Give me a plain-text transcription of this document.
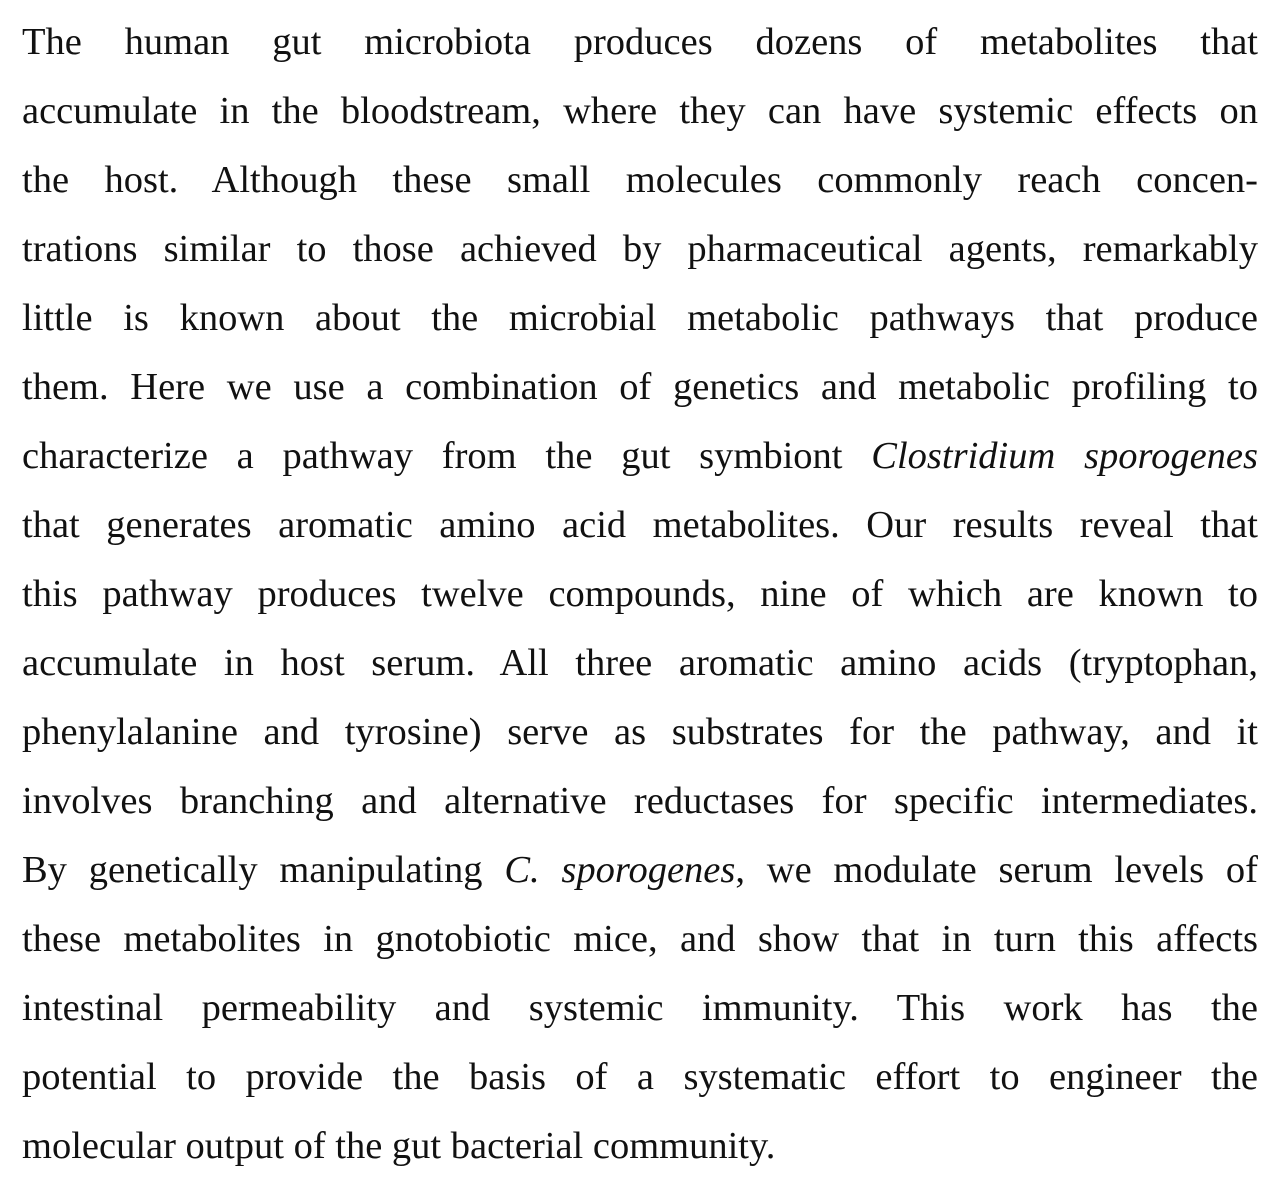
The human gut microbiota produces dozens of metabolites that
accumulate in the bloodstream, where they can have systemic effects on
the host. Although these small molecules commonly reach concen-
trations similar to those achieved by pharmaceutical agents, remarkably
little is known about the microbial metabolic pathways that produce
them. Here we use a combination of genetics and metabolic profiling to
characterize a pathway from the gut symbiont Clostridium sporogenes
that generates aromatic amino acid metabolites. Our results reveal that
this pathway produces twelve compounds, nine of which are known to
accumulate in host serum. All three aromatic amino acids (tryptophan,
phenylalanine and tyrosine) serve as substrates for the pathway, and it
involves branching and alternative reductases for specific intermediates.
By genetically manipulating C. sporogenes, we modulate serum levels of
these metabolites in gnotobiotic mice, and show that in turn this affects
intestinal permeability and systemic immunity. This work has the
potential to provide the basis of a systematic effort to engineer the
molecular output of the gut bacterial community.
